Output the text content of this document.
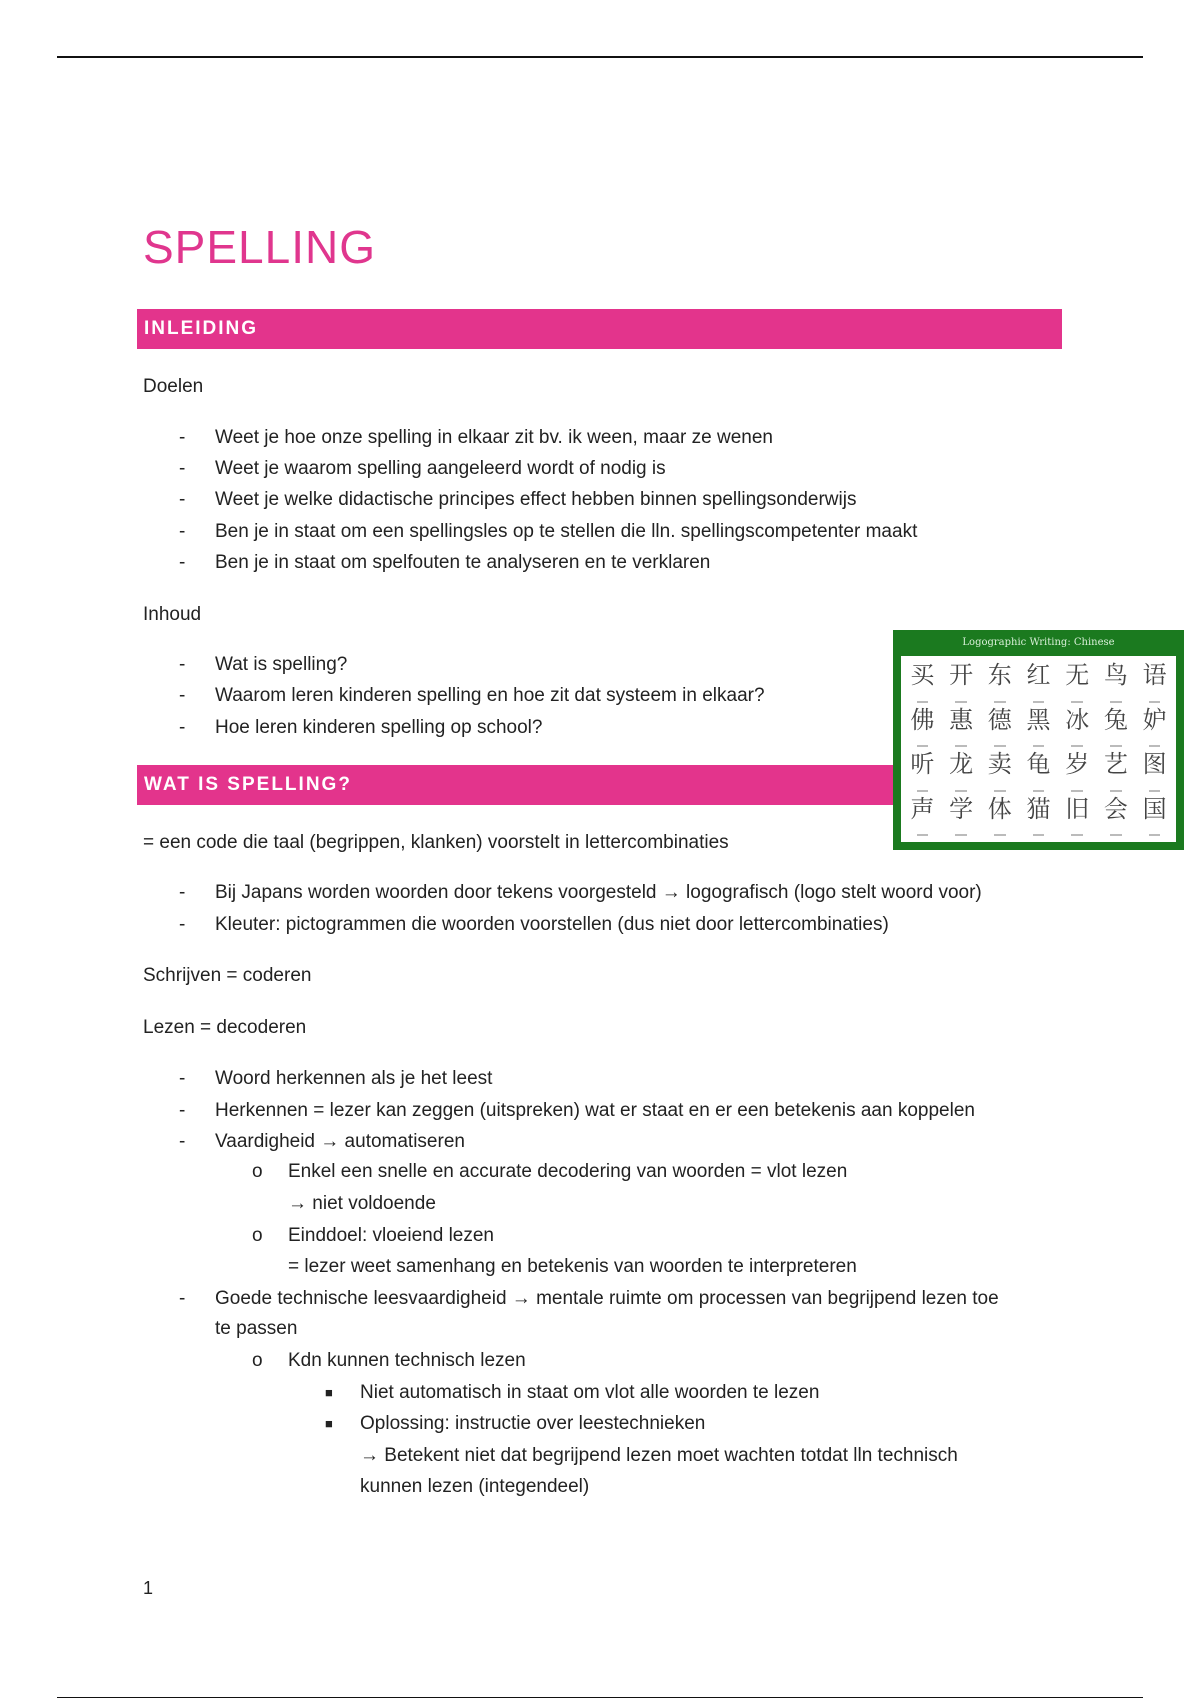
SPELLING
INLEIDING
Doelen
- Weet je hoe onze spelling in elkaar zit bv. ik ween, maar ze wenen
- Weet je waarom spelling aangeleerd wordt of nodig is
- Weet je welke didactische principes effect hebben binnen spellingsonderwijs
- Ben je in staat om een spellingsles op te stellen die lln. spellingscompetenter maakt
- Ben je in staat om spelfouten te analyseren en te verklaren
Inhoud
- Wat is spelling?
- Waarom leren kinderen spelling en hoe zit dat systeem in elkaar?
- Hoe leren kinderen spelling op school?
WAT IS SPELLING?
Logographic Writing: Chinese
买 开 东 红 无 鸟 语
佛 惠 德 黑 冰 兔 妒
听 龙 卖 龟 岁 艺 图
声 学 体 猫 旧 会 国
= een code die taal (begrippen, klanken) voorstelt in lettercombinaties
- Bij Japans worden woorden door tekens voorgesteld → logografisch (logo stelt woord voor)
- Kleuter: pictogrammen die woorden voorstellen (dus niet door lettercombinaties)
Schrijven = coderen
Lezen = decoderen
- Woord herkennen als je het leest
- Herkennen = lezer kan zeggen (uitspreken) wat er staat en er een betekenis aan koppelen
- Vaardigheid → automatiseren
o Enkel een snelle en accurate decodering van woorden = vlot lezen
→ niet voldoende
o Einddoel: vloeiend lezen
= lezer weet samenhang en betekenis van woorden te interpreteren
- Goede technische leesvaardigheid → mentale ruimte om processen van begrijpend lezen toe
te passen
o Kdn kunnen technisch lezen
■ Niet automatisch in staat om vlot alle woorden te lezen
■ Oplossing: instructie over leestechnieken
→ Betekent niet dat begrijpend lezen moet wachten totdat lln technisch
kunnen lezen (integendeel)
1
